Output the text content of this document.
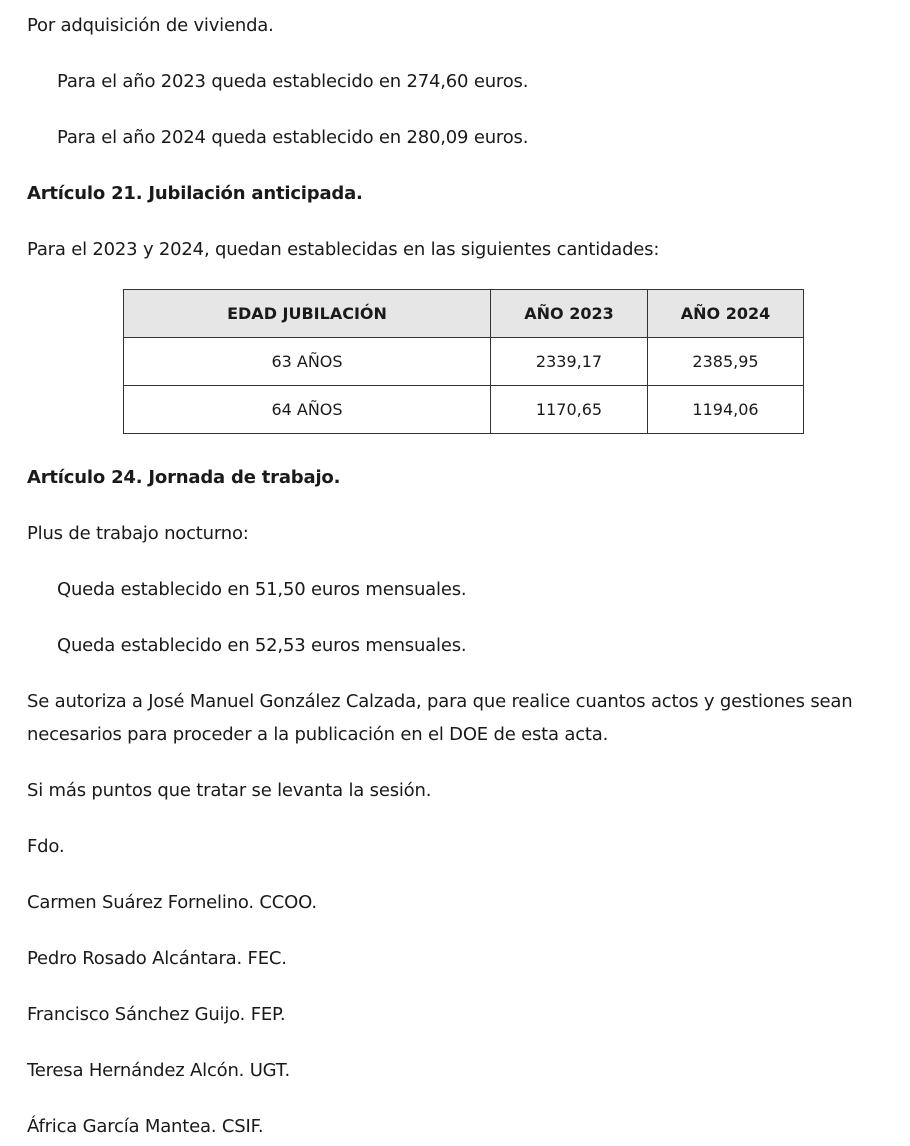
Por adquisición de vivienda.
Para el año 2023 queda establecido en 274,60 euros.
Para el año 2024 queda establecido en 280,09 euros.
Artículo 21. Jubilación anticipada.
Para el 2023 y 2024, quedan establecidas en las siguientes cantidades:
EDAD JUBILACIÓN	AÑO 2023	AÑO 2024
63 AÑOS	2339,17	2385,95
64 AÑOS	1170,65	1194,06
Artículo 24. Jornada de trabajo.
Plus de trabajo nocturno:
Queda establecido en 51,50 euros mensuales.
Queda establecido en 52,53 euros mensuales.
Se autoriza a José Manuel González Calzada, para que realice cuantos actos y gestiones sean necesarios para proceder a la publicación en el DOE de esta acta.
Si más puntos que tratar se levanta la sesión.
Fdo.
Carmen Suárez Fornelino. CCOO.
Pedro Rosado Alcántara. FEC.
Francisco Sánchez Guijo. FEP.
Teresa Hernández Alcón. UGT.
África García Mantea. CSIF.
